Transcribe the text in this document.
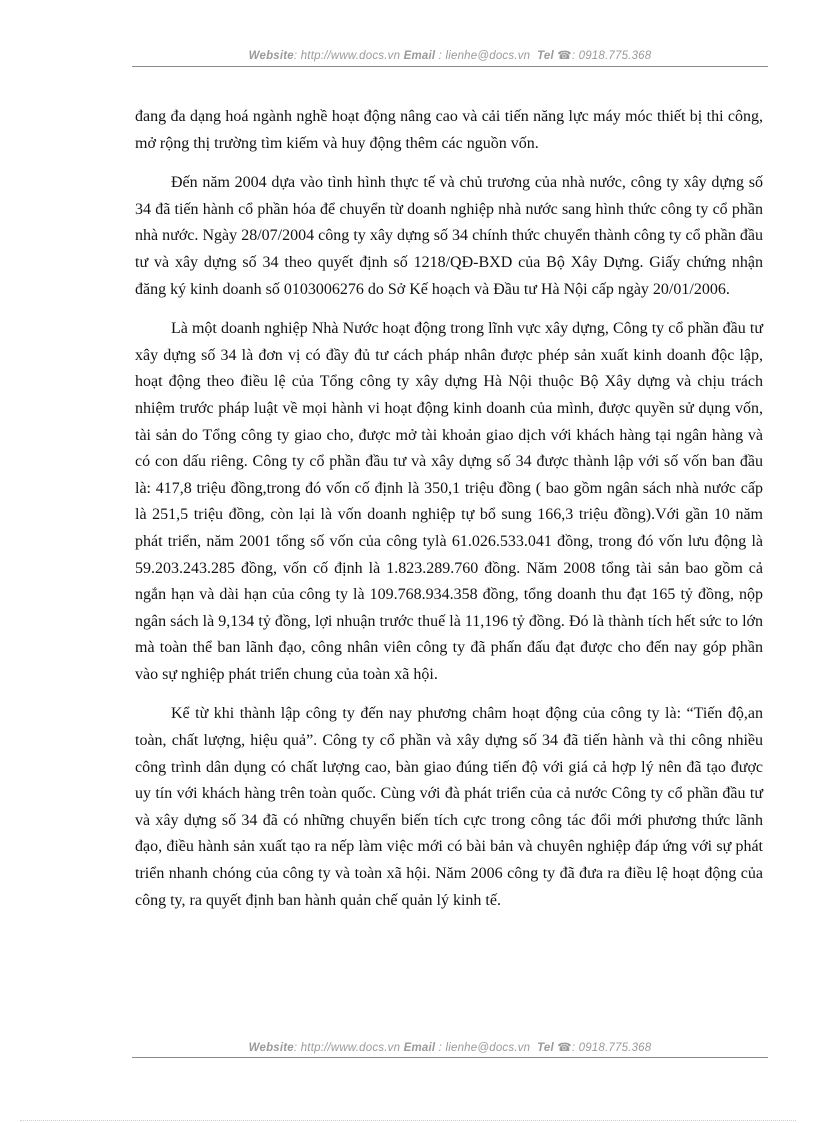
Website: http://www.docs.vn Email : lienhe@docs.vn Tel ☎: 0918.775.368

đang đa dạng hoá ngành nghề hoạt động nâng cao và cải tiến năng lực máy móc thiết bị thi công, mở rộng thị trường tìm kiếm và huy động thêm các nguồn vốn.

Đến năm 2004 dựa vào tình hình thực tế và chủ trương của nhà nước, công ty xây dựng số 34 đã tiến hành cổ phần hóa để chuyển từ doanh nghiệp nhà nước sang hình thức công ty cổ phần nhà nước. Ngày 28/07/2004 công ty xây dựng số 34 chính thức chuyển thành công ty cổ phần đầu tư và xây dựng số 34 theo quyết định số 1218/QĐ-BXD của Bộ Xây Dựng. Giấy chứng nhận đăng ký kinh doanh số 0103006276 do Sở Kế hoạch và Đầu tư Hà Nội cấp ngày 20/01/2006.

Là một doanh nghiệp Nhà Nước hoạt động trong lĩnh vực xây dựng, Công ty cổ phần đầu tư xây dựng số 34 là đơn vị có đầy đủ tư cách pháp nhân được phép sản xuất kinh doanh độc lập, hoạt động theo điều lệ của Tổng công ty xây dựng Hà Nội thuộc Bộ Xây dựng và chịu trách nhiệm trước pháp luật về mọi hành vi hoạt động kinh doanh của mình, được quyền sử dụng vốn, tài sản do Tổng công ty giao cho, được mở tài khoản giao dịch với khách hàng tại ngân hàng và có con dấu riêng. Công ty cổ phần đầu tư và xây dựng số 34 được thành lập với số vốn ban đầu là: 417,8 triệu đồng,trong đó vốn cố định là 350,1 triệu đồng ( bao gồm ngân sách nhà nước cấp là 251,5 triệu đồng, còn lại là vốn doanh nghiệp tự bổ sung 166,3 triệu đồng).Với gần 10 năm phát triển, năm 2001 tổng số vốn của công tylà 61.026.533.041 đồng, trong đó vốn lưu động là 59.203.243.285 đồng, vốn cố định là 1.823.289.760 đồng. Năm 2008 tổng tài sản bao gồm cả ngắn hạn và dài hạn của công ty là 109.768.934.358 đồng, tổng doanh thu đạt 165 tỷ đồng, nộp ngân sách là 9,134 tỷ đồng, lợi nhuận trước thuế là 11,196 tỷ đồng. Đó là thành tích hết sức to lớn mà toàn thể ban lãnh đạo, công nhân viên công ty đã phấn đấu đạt được cho đến nay góp phần vào sự nghiệp phát triển chung của toàn xã hội.

Kể từ khi thành lập công ty đến nay phương châm hoạt động của công ty là: “Tiến độ,an toàn, chất lượng, hiệu quả”. Công ty cổ phần và xây dựng số 34 đã tiến hành và thi công nhiều công trình dân dụng có chất lượng cao, bàn giao đúng tiến độ với giá cả hợp lý nên đã tạo được uy tín với khách hàng trên toàn quốc. Cùng với đà phát triển của cả nước Công ty cổ phần đầu tư và xây dựng số 34 đã có những chuyển biến tích cực trong công tác đổi mới phương thức lãnh đạo, điều hành sản xuất tạo ra nếp làm việc mới có bài bản và chuyên nghiệp đáp ứng với sự phát triển nhanh chóng của công ty và toàn xã hội. Năm 2006 công ty đã đưa ra điều lệ hoạt động của công ty, ra quyết định ban hành quản chế quản lý kinh tế.

Website: http://www.docs.vn Email : lienhe@docs.vn Tel ☎: 0918.775.368
